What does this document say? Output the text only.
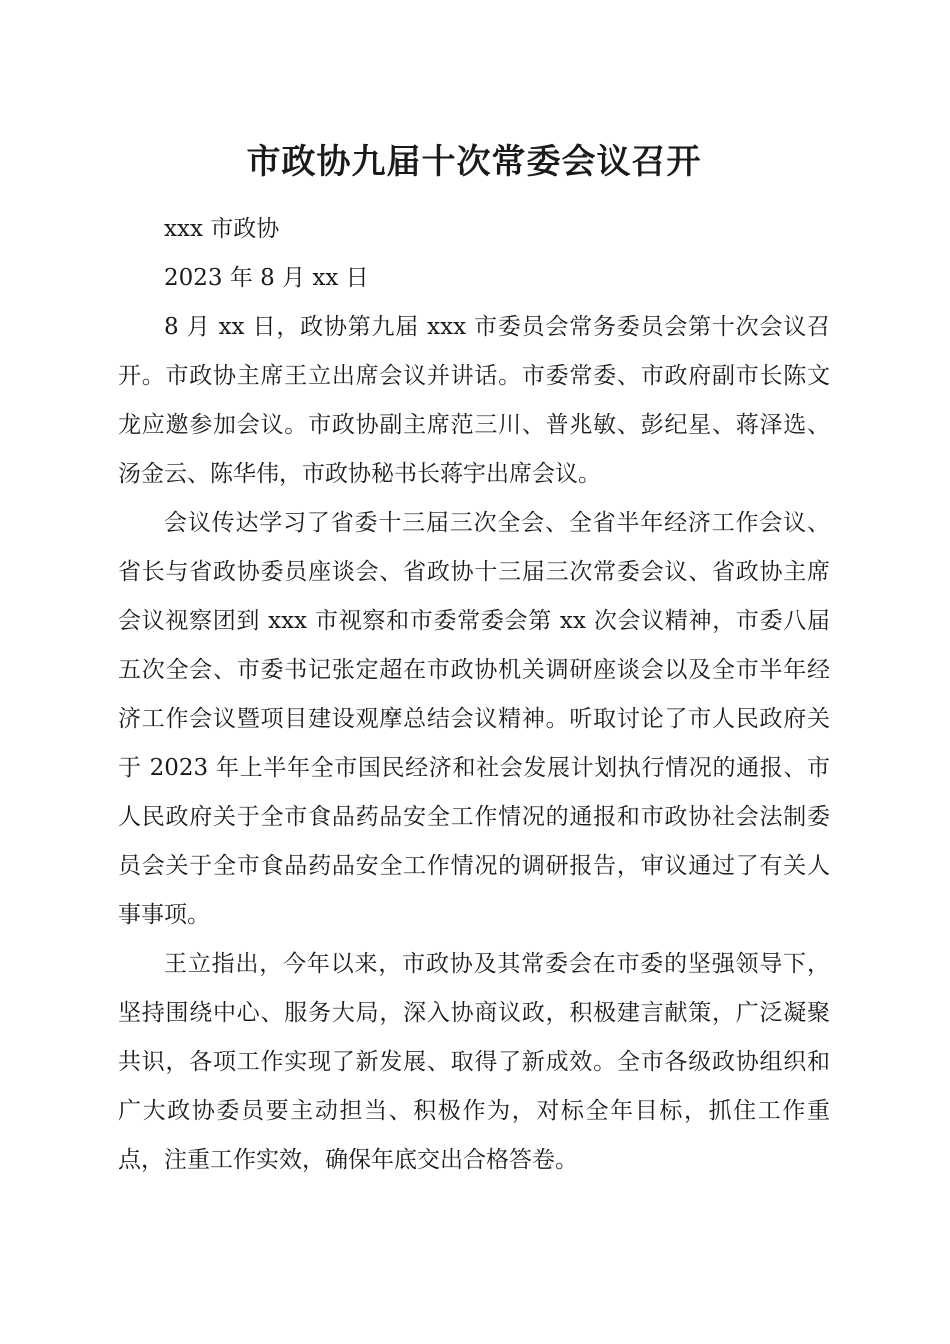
市政协九届十次常委会议召开

xxx 市政协

2023 年 8 月 xx 日

8 月 xx 日，政协第九届 xxx 市委员会常务委员会第十次会议召开。市政协主席王立出席会议并讲话。市委常委、市政府副市长陈文龙应邀参加会议。市政协副主席范三川、普兆敏、彭纪星、蒋泽选、汤金云、陈华伟，市政协秘书长蒋宇出席会议。

会议传达学习了省委十三届三次全会、全省半年经济工作会议、省长与省政协委员座谈会、省政协十三届三次常委会议、省政协主席会议视察团到 xxx 市视察和市委常委会第 xx 次会议精神，市委八届五次全会、市委书记张定超在市政协机关调研座谈会以及全市半年经济工作会议暨项目建设观摩总结会议精神。听取讨论了市人民政府关于 2023 年上半年全市国民经济和社会发展计划执行情况的通报、市人民政府关于全市食品药品安全工作情况的通报和市政协社会法制委员会关于全市食品药品安全工作情况的调研报告，审议通过了有关人事事项。

王立指出，今年以来，市政协及其常委会在市委的坚强领导下，坚持围绕中心、服务大局，深入协商议政，积极建言献策，广泛凝聚共识，各项工作实现了新发展、取得了新成效。全市各级政协组织和广大政协委员要主动担当、积极作为，对标全年目标，抓住工作重点，注重工作实效，确保年底交出合格答卷。
